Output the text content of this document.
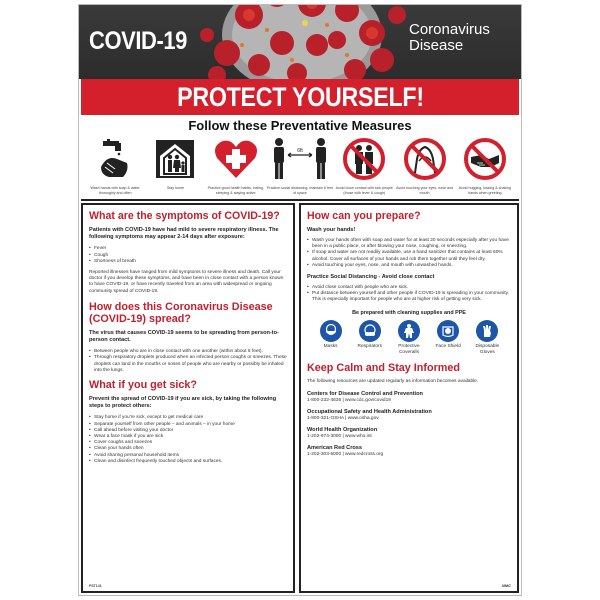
COVID-19	Coronavirus
Disease
PROTECT YOURSELF!
Follow these Preventative Measures
Wash hands with soap & water thoroughly and often
Stay home	Practice good health habits: eating, sleeping & staying active
6ft
Practice social distancing, maintain 6 feet of space
Avoid close contact with sick people (those with fever & cough)
Avoid touching your eyes, nose and mouth
Avoid hugging, kissing & shaking hands when greeting
What are the symptoms of COVID-19?
Patients with COVID-19 have had mild to severe respiratory illness. The following symptoms may appear 2-14 days after exposure:
• Fever
• Cough
• Shortness of breath

Reported illnesses have ranged from mild symptoms to severe illness and death. Call your doctor if you develop these symptoms, and have been in close contact with a person known to have COVID-19, or have recently traveled from an area with widespread or ongoing community spread of COVID-19.

How does this Coronavirus Disease (COVID-19) spread?
The virus that causes COVID-19 seems to be spreading from person-to-person contact.
• Between people who are in close contact with one another (within about 6 feet).
• Through respiratory droplets produced when an infected person coughs or sneezes. These droplets can land in the mouths or noses of people who are nearby or possibly be inhaled into the lungs.
What if you get sick?
Prevent the spread of COVID-19 if you are sick, by taking the following steps to protect others:
• Stay home if you're sick, except to get medical care
• Separate yourself from other people – and animals – in your home
• Call ahead before visiting your doctor
• Wear a face mask if you are sick
• Cover coughs and sneezes
• Clean your hands often
• Avoid sharing personal household items
• Clean and disinfect frequently touched objects and surfaces.
PST141
How can you prepare?
Wash your hands!
• Wash your hands often with soap and water for at least 20 seconds especially after you have been in a public place, or after blowing your nose, coughing, or sneezing.
• If soap and water are not readily available, use a hand sanitizer that contains at least 60% alcohol. Cover all surfaces of your hands and rub them together until they feel dry.
• Avoid touching your eyes, nose, and mouth with unwashed hands.
Practice Social Distancing - Avoid close contact
• Avoid close contact with people who are sick.
• Put distance between yourself and other people if COVID-19 is spreading in your community. This is especially important for people who are at higher risk of getting very sick.
Be prepared with cleaning supplies and PPE
Masks	Respirators	Protective Coveralls
Face Shield	Disposable Gloves
Keep Calm and Stay Informed

The following resources are updated regularly as information becomes available.

Centers for Disease Control and Prevention
1-800-232-4636 | www.cdc.gov/covid19
Occupational Safety and Health Administration
1-800-321-OSHA | www.osha.gov
World Health Organization
1-202-974-3000 | www.who.int
American Red Cross
1-202-303-5000 | www.redcross.org
NMC
